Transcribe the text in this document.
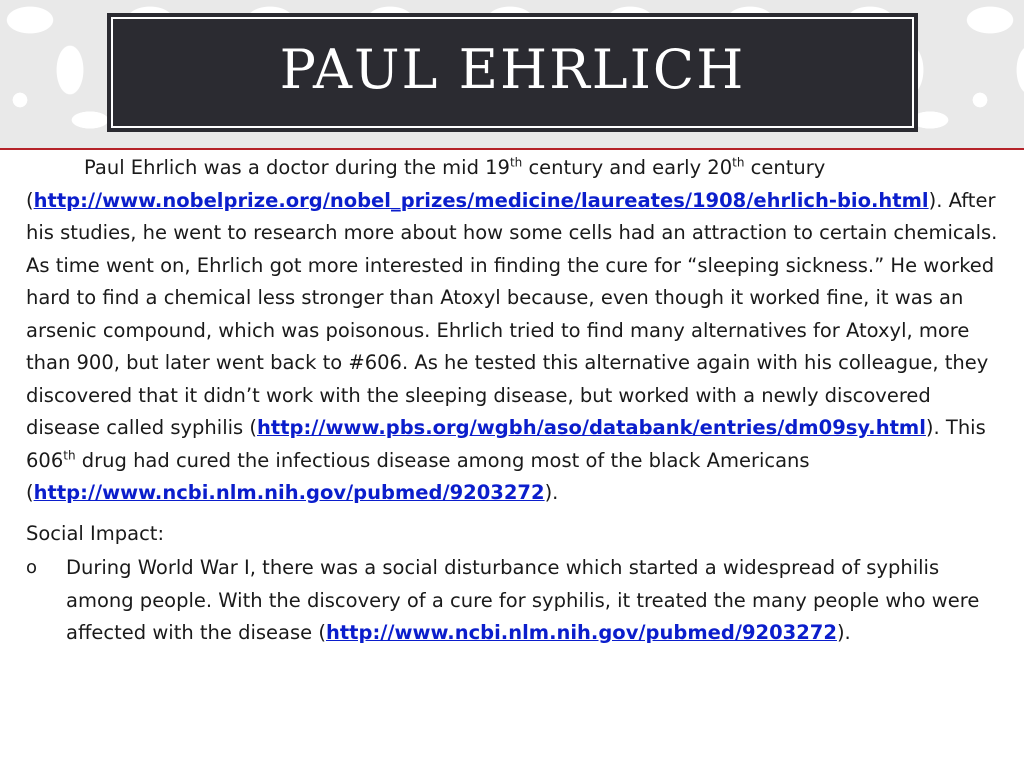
PAUL EHRLICH

Paul Ehrlich was a doctor during the mid 19th century and early 20th century (http://www.nobelprize.org/nobel_prizes/medicine/laureates/1908/ehrlich-bio.html). After his studies, he went to research more about how some cells had an attraction to certain chemicals. As time went on, Ehrlich got more interested in finding the cure for “sleeping sickness.” He worked hard to find a chemical less stronger than Atoxyl because, even though it worked fine, it was an arsenic compound, which was poisonous. Ehrlich tried to find many alternatives for Atoxyl, more than 900, but later went back to #606. As he tested this alternative again with his colleague, they discovered that it didn’t work with the sleeping disease, but worked with a newly discovered disease called syphilis (http://www.pbs.org/wgbh/aso/databank/entries/dm09sy.html). This 606th drug had cured the infectious disease among most of the black Americans (http://www.ncbi.nlm.nih.gov/pubmed/9203272).

Social Impact:

o	During World War I, there was a social disturbance which started a widespread of syphilis among people. With the discovery of a cure for syphilis, it treated the many people who were affected with the disease (http://www.ncbi.nlm.nih.gov/pubmed/9203272).
